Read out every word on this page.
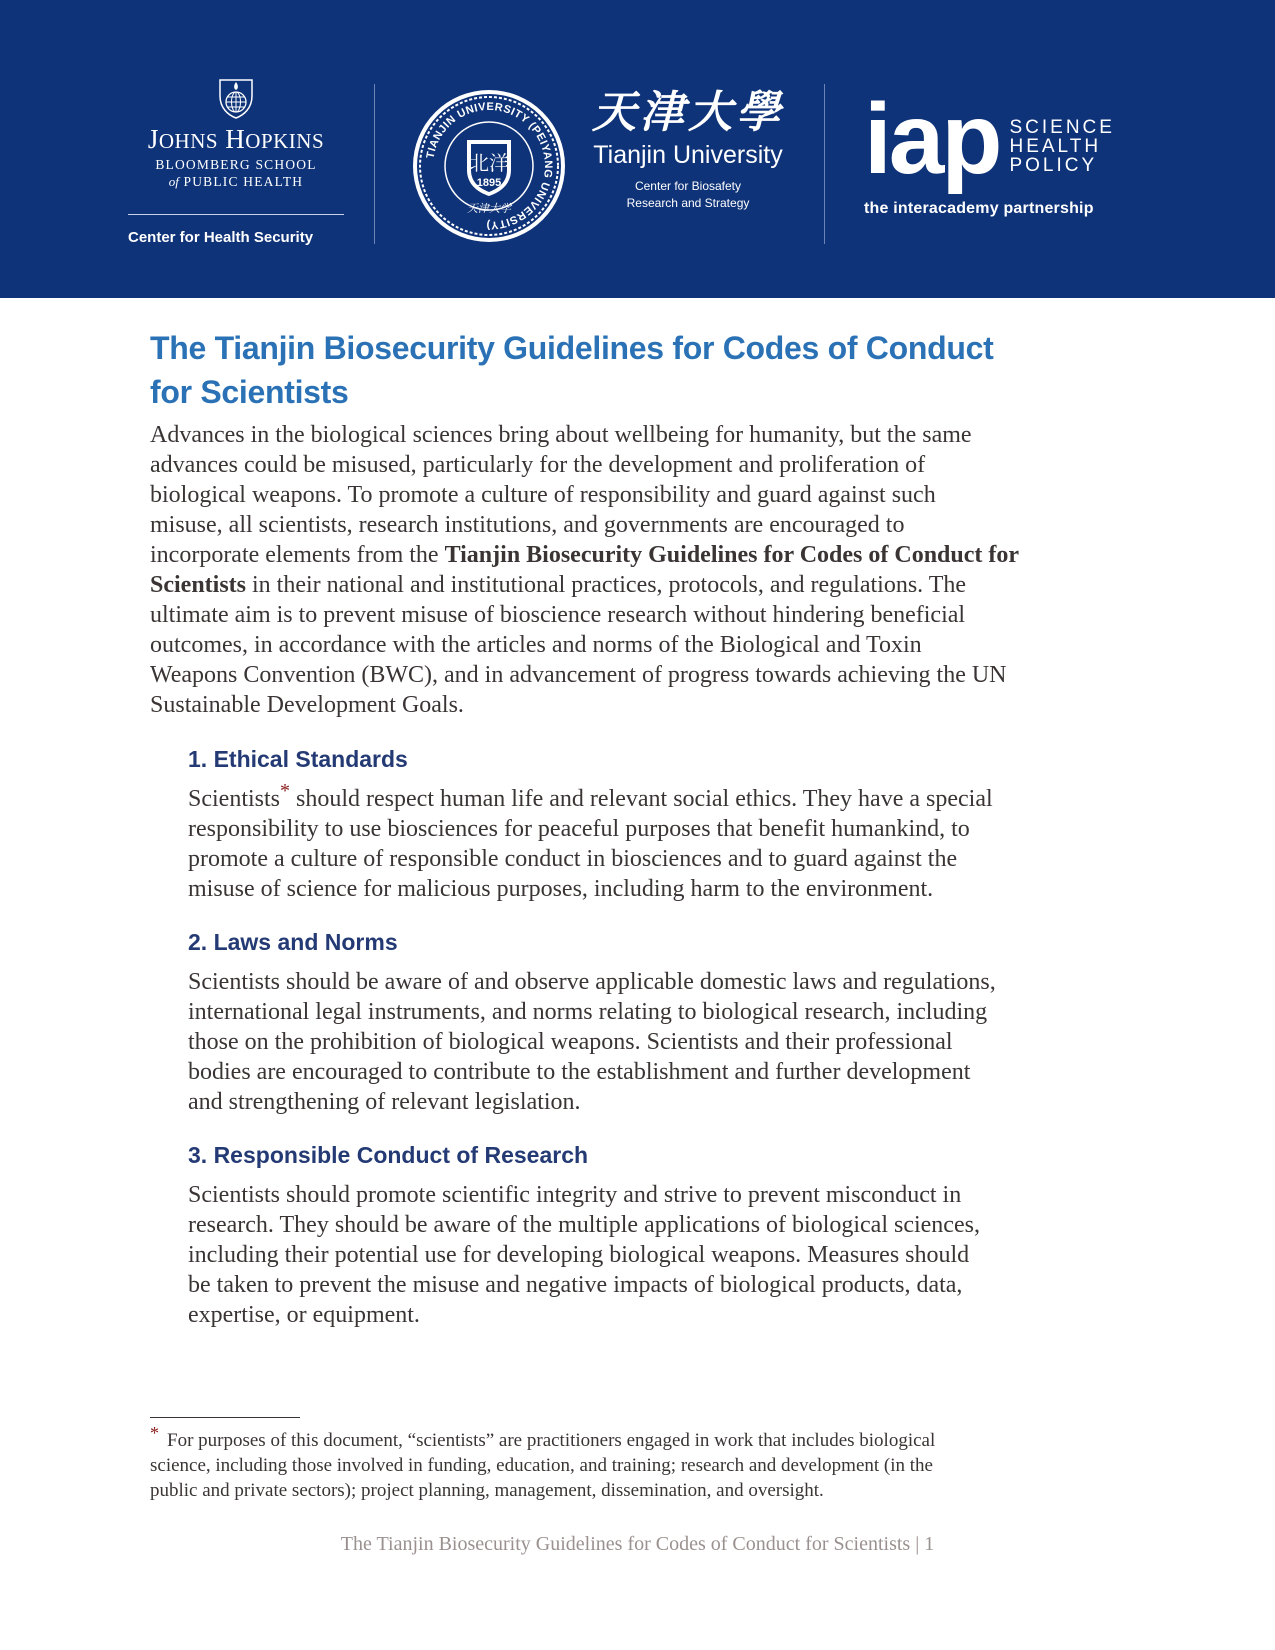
JOHNS HOPKINS
BLOOMBERG SCHOOL
of PUBLIC HEALTH
Center for Health Security
TIANJIN UNIVERSITY (PEIYANG UNIVERSITY)
北洋
1895
天津大学
天津大學
Tianjin University
Center for Biosafety
Research and Strategy
iap SCIENCE
HEALTH
POLICY
the interacademy partnership
The Tianjin Biosecurity Guidelines for Codes of Conduct
for Scientists
Advances in the biological sciences bring about wellbeing for humanity, but the same
advances could be misused, particularly for the development and proliferation of
biological weapons. To promote a culture of responsibility and guard against such
misuse, all scientists, research institutions, and governments are encouraged to
incorporate elements from the Tianjin Biosecurity Guidelines for Codes of Conduct for
Scientists in their national and institutional practices, protocols, and regulations. The
ultimate aim is to prevent misuse of bioscience research without hindering beneficial
outcomes, in accordance with the articles and norms of the Biological and Toxin
Weapons Convention (BWC), and in advancement of progress towards achieving the UN
Sustainable Development Goals.
1. Ethical Standards

Scientists* should respect human life and relevant social ethics. They have a special
responsibility to use biosciences for peaceful purposes that benefit humankind, to
promote a culture of responsible conduct in biosciences and to guard against the
misuse of science for malicious purposes, including harm to the environment.

2. Laws and Norms

Scientists should be aware of and observe applicable domestic laws and regulations,
international legal instruments, and norms relating to biological research, including
those on the prohibition of biological weapons. Scientists and their professional
bodies are encouraged to contribute to the establishment and further development
and strengthening of relevant legislation.

3. Responsible Conduct of Research

Scientists should promote scientific integrity and strive to prevent misconduct in
research. They should be aware of the multiple applications of biological sciences,
including their potential use for developing biological weapons. Measures should
be taken to prevent the misuse and negative impacts of biological products, data,
expertise, or equipment.

* For purposes of this document, “scientists” are practitioners engaged in work that includes biological
science, including those involved in funding, education, and training; research and development (in the
public and private sectors); project planning, management, dissemination, and oversight.
The Tianjin Biosecurity Guidelines for Codes of Conduct for Scientists | 1
